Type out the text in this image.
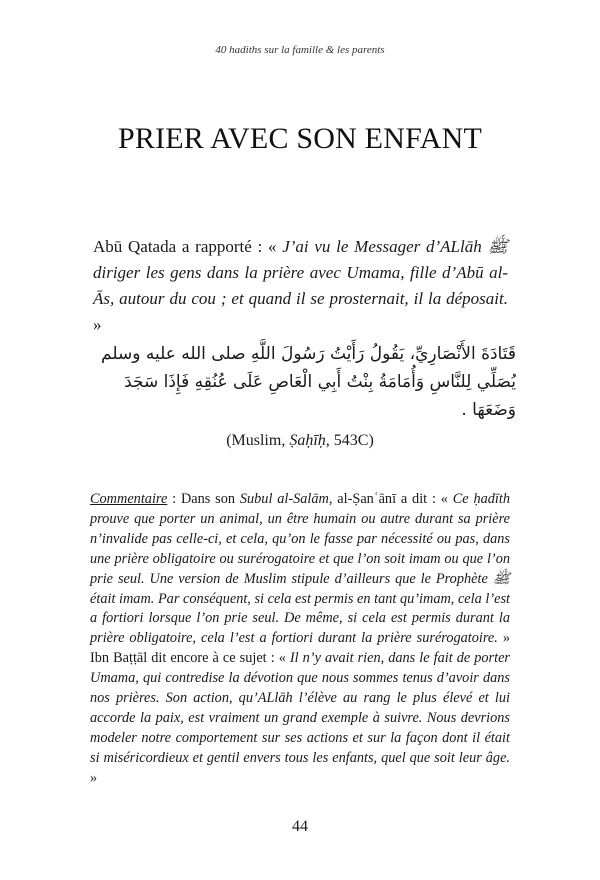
40 hadiths sur la famille & les parents
PRIER AVEC SON ENFANT

Abū Qatada a rapporté : « J’ai vu le Messager d’ALlāh ﷺ diriger les gens dans la prière avec Umama, fille d’Abū al-Ās, autour du cou ; et quand il se prosternait, il la déposait. »

قَتَادَةَ الأَنْصَارِيِّ، يَقُولُ رَأَيْتُ رَسُولَ اللَّهِ صلى الله عليه وسلم يُصَلِّي لِلنَّاسِ وَأُمَامَةُ بِنْتُ أَبِي الْعَاصِ عَلَى عُنُقِهِ فَإِذَا سَجَدَ وَضَعَهَا .

(Muslim, Ṣaḥīḥ, 543C)

Commentaire : Dans son Subul al-Salām, al-Ṣanʿānī a dit : « Ce ḥadīth prouve que porter un animal, un être humain ou autre durant sa prière n’invalide pas celle-ci, et cela, qu’on le fasse par nécessité ou pas, dans une prière obligatoire ou surérogatoire et que l’on soit imam ou que l’on prie seul. Une version de Muslim stipule d’ailleurs que le Prophète ﷺ était imam. Par conséquent, si cela est permis en tant qu’imam, cela l’est a fortiori lorsque l’on prie seul. De même, si cela est permis durant la prière obligatoire, cela l’est a fortiori durant la prière surérogatoire. » Ibn Baṭṭāl dit encore à ce sujet : « Il n’y avait rien, dans le fait de porter Umama, qui contredise la dévotion que nous sommes tenus d’avoir dans nos prières. Son action, qu’ALlāh l’élève au rang le plus élevé et lui accorde la paix, est vraiment un grand exemple à suivre. Nous devrions modeler notre comportement sur ses actions et sur la façon dont il était si miséricordieux et gentil envers tous les enfants, quel que soit leur âge. »

44
